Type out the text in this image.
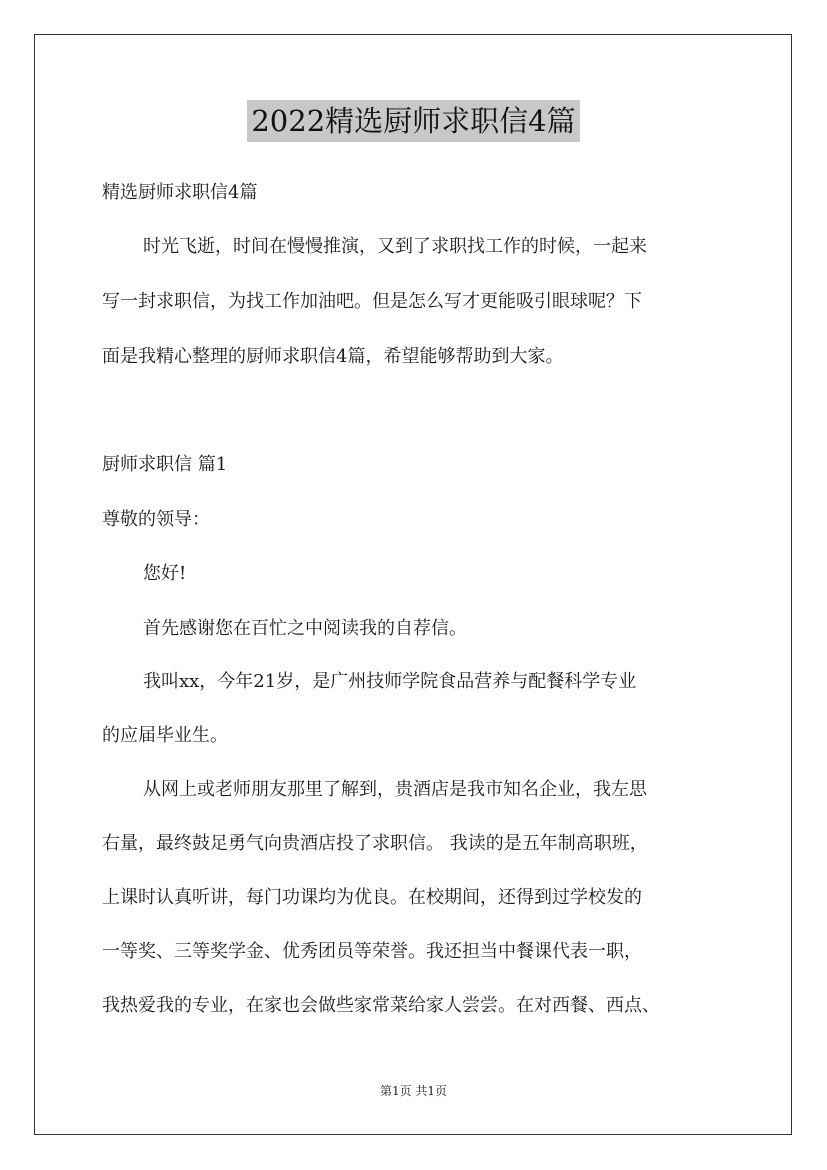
2022精选厨师求职信4篇
精选厨师求职信4篇
时光飞逝，时间在慢慢推演，又到了求职找工作的时候，一起来
写一封求职信，为找工作加油吧。但是怎么写才更能吸引眼球呢？下
面是我精心整理的厨师求职信4篇，希望能够帮助到大家。
厨师求职信 篇1
尊敬的领导：
您好!
首先感谢您在百忙之中阅读我的自荐信。
我叫xx，今年21岁，是广州技师学院食品营养与配餐科学专业
的应届毕业生。
从网上或老师朋友那里了解到，贵酒店是我市知名企业，我左思
右量，最终鼓足勇气向贵酒店投了求职信。 我读的是五年制高职班，
上课时认真听讲，每门功课均为优良。在校期间，还得到过学校发的
一等奖、三等奖学金、优秀团员等荣誉。我还担当中餐课代表一职，
我热爱我的专业，在家也会做些家常菜给家人尝尝。在对西餐、西点、
第1页 共1页
